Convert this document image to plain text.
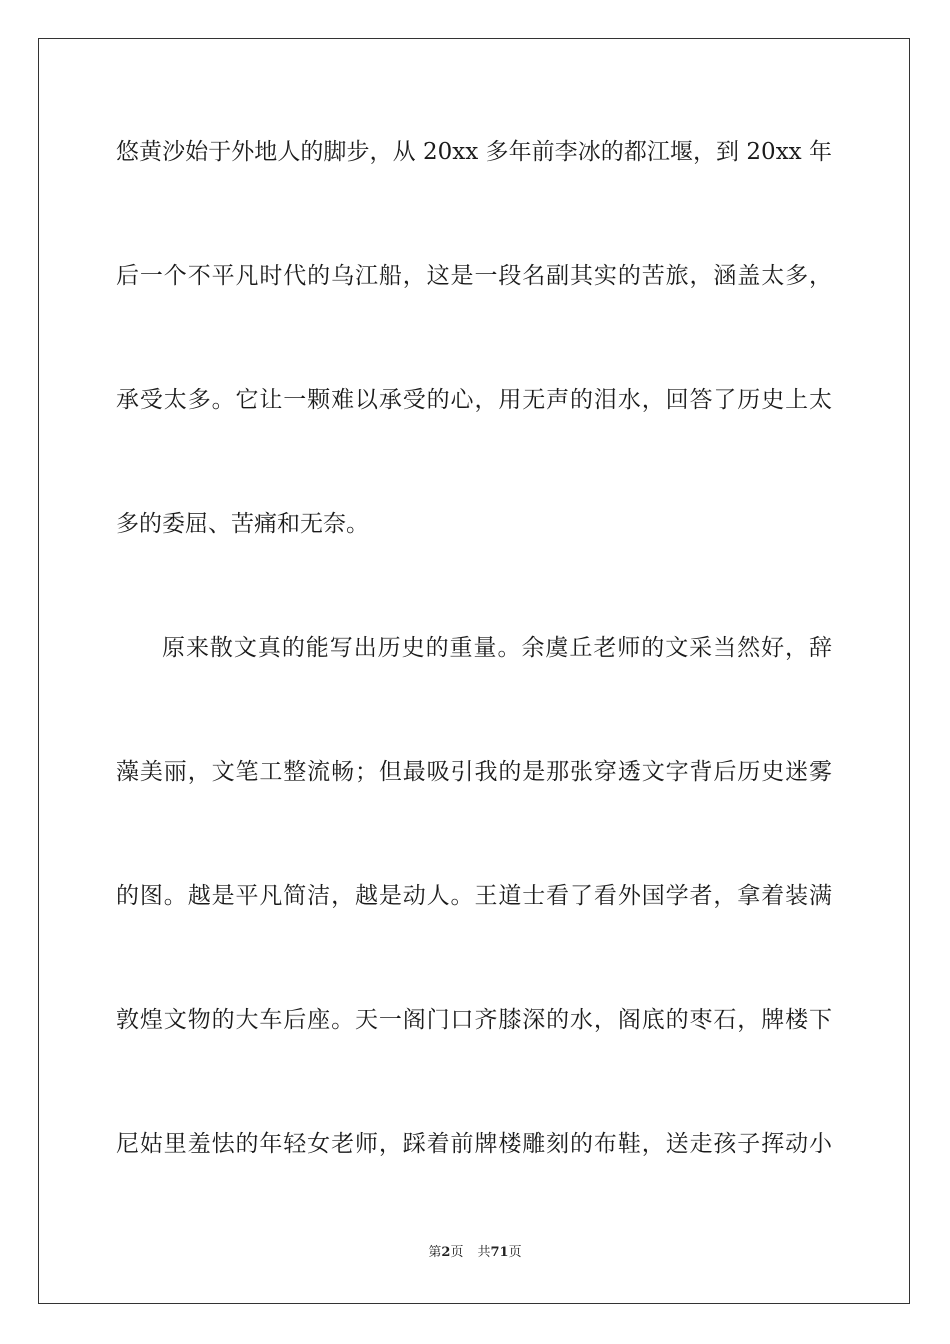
悠黄沙始于外地人的脚步，从 20xx 多年前李冰的都江堰，到 20xx 年
后一个不平凡时代的乌江船，这是一段名副其实的苦旅，涵盖太多，
承受太多。它让一颗难以承受的心，用无声的泪水，回答了历史上太
多的委屈、苦痛和无奈。
原来散文真的能写出历史的重量。余虞丘老师的文采当然好，辞
藻美丽，文笔工整流畅；但最吸引我的是那张穿透文字背后历史迷雾
的图。越是平凡简洁，越是动人。王道士看了看外国学者，拿着装满
敦煌文物的大车后座。天一阁门口齐膝深的水，阁底的枣石，牌楼下
尼姑里羞怯的年轻女老师，踩着前牌楼雕刻的布鞋，送走孩子挥动小
第2页 共71页
